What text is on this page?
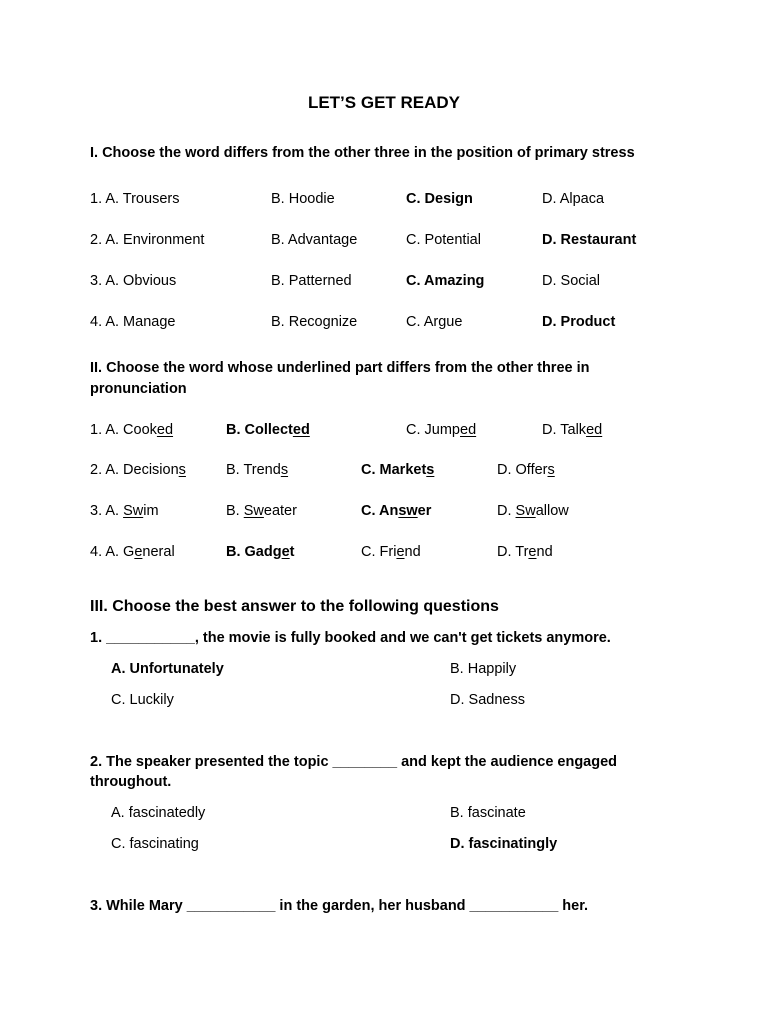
LET’S GET READY
I. Choose the word differs from the other three in the position of primary stress
1. A. Trousers	B. Hoodie	C. Design	D. Alpaca
2. A. Environment	B. Advantage	C. Potential	D. Restaurant
3. A. Obvious	B. Patterned	C. Amazing	D. Social
4. A. Manage	B. Recognize	C. Argue	D. Product
II. Choose the word whose underlined part differs from the other three in
pronunciation
1. A. Cooked	B. Collected	C. Jumped	D. Talked
2. A. Decisions	B. Trends	C. Markets	D. Offers
3. A. Swim	B. Sweater	C. Answer	D. Swallow
4. A. General	B. Gadget	C. Friend	D. Trend
III. Choose the best answer to the following questions
1. ___________, the movie is fully booked and we can't get tickets anymore.
A. Unfortunately	B. Happily
C. Luckily	D. Sadness
2. The speaker presented the topic ________ and kept the audience engaged
throughout.
A. fascinatedly	B. fascinate
C. fascinating	D. fascinatingly
3. While Mary ___________ in the garden, her husband ___________ her.
